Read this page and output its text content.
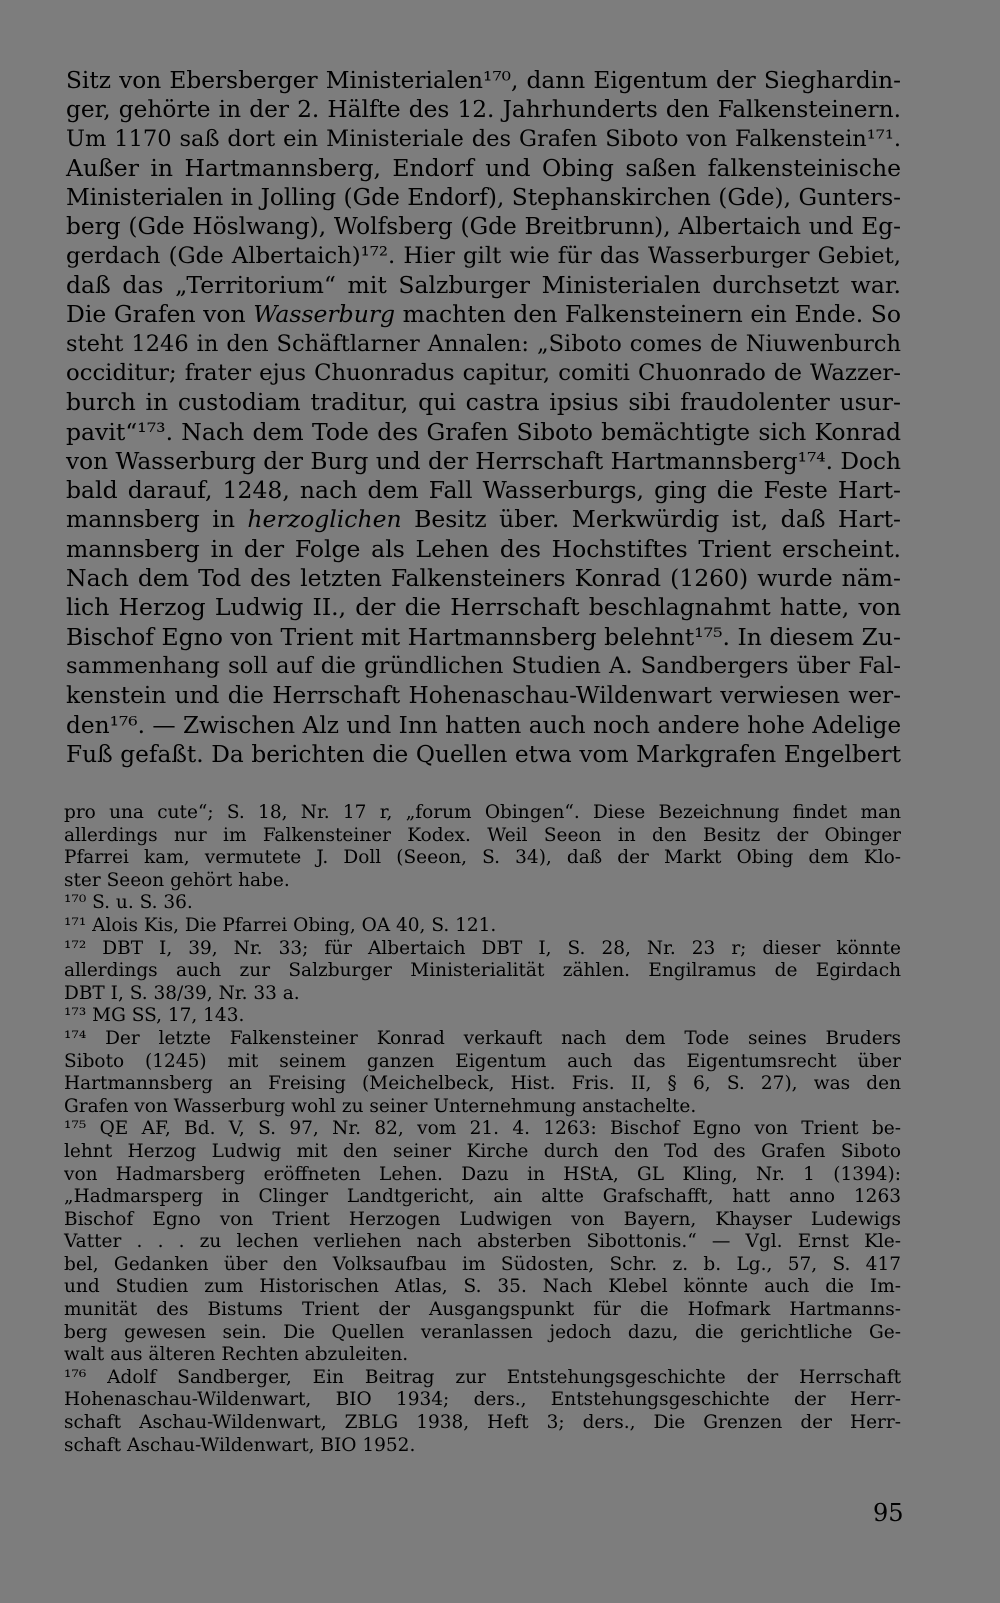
Sitz von Ebersberger Ministerialen¹⁷⁰, dann Eigentum der Sieghardin-
ger, gehörte in der 2. Hälfte des 12. Jahrhunderts den Falkensteinern.
Um 1170 saß dort ein Ministeriale des Grafen Siboto von Falkenstein¹⁷¹.
Außer in Hartmannsberg, Endorf und Obing saßen falkensteinische
Ministerialen in Jolling (Gde Endorf), Stephanskirchen (Gde), Gunters-
berg (Gde Höslwang), Wolfsberg (Gde Breitbrunn), Albertaich und Eg-
gerdach (Gde Albertaich)¹⁷². Hier gilt wie für das Wasserburger Gebiet,
daß das „Territorium“ mit Salzburger Ministerialen durchsetzt war.
Die Grafen von Wasserburg machten den Falkensteinern ein Ende. So
steht 1246 in den Schäftlarner Annalen: „Siboto comes de Niuwenburch
occiditur; frater ejus Chuonradus capitur, comiti Chuonrado de Wazzer-
burch in custodiam traditur, qui castra ipsius sibi fraudolenter usur-
pavit“¹⁷³. Nach dem Tode des Grafen Siboto bemächtigte sich Konrad
von Wasserburg der Burg und der Herrschaft Hartmannsberg¹⁷⁴. Doch
bald darauf, 1248, nach dem Fall Wasserburgs, ging die Feste Hart-
mannsberg in herzoglichen Besitz über. Merkwürdig ist, daß Hart-
mannsberg in der Folge als Lehen des Hochstiftes Trient erscheint.
Nach dem Tod des letzten Falkensteiners Konrad (1260) wurde näm-
lich Herzog Ludwig II., der die Herrschaft beschlagnahmt hatte, von
Bischof Egno von Trient mit Hartmannsberg belehnt¹⁷⁵. In diesem Zu-
sammenhang soll auf die gründlichen Studien A. Sandbergers über Fal-
kenstein und die Herrschaft Hohenaschau-Wildenwart verwiesen wer-
den¹⁷⁶. — Zwischen Alz und Inn hatten auch noch andere hohe Adelige
Fuß gefaßt. Da berichten die Quellen etwa vom Markgrafen Engelbert
pro una cute“; S. 18, Nr. 17 r, „forum Obingen“. Diese Bezeichnung findet man
allerdings nur im Falkensteiner Kodex. Weil Seeon in den Besitz der Obinger
Pfarrei kam, vermutete J. Doll (Seeon, S. 34), daß der Markt Obing dem Klo-
ster Seeon gehört habe.
¹⁷⁰ S. u. S. 36.
¹⁷¹ Alois Kis, Die Pfarrei Obing, OA 40, S. 121.
¹⁷² DBT I, 39, Nr. 33; für Albertaich DBT I, S. 28, Nr. 23 r; dieser könnte
allerdings auch zur Salzburger Ministerialität zählen. Engilramus de Egirdach
DBT I, S. 38/39, Nr. 33 a.
¹⁷³ MG SS, 17, 143.
¹⁷⁴ Der letzte Falkensteiner Konrad verkauft nach dem Tode seines Bruders
Siboto (1245) mit seinem ganzen Eigentum auch das Eigentumsrecht über
Hartmannsberg an Freising (Meichelbeck, Hist. Fris. II, § 6, S. 27), was den
Grafen von Wasserburg wohl zu seiner Unternehmung anstachelte.
¹⁷⁵ QE AF, Bd. V, S. 97, Nr. 82, vom 21. 4. 1263: Bischof Egno von Trient be-
lehnt Herzog Ludwig mit den seiner Kirche durch den Tod des Grafen Siboto
von Hadmarsberg eröffneten Lehen. Dazu in HStA, GL Kling, Nr. 1 (1394):
„Hadmarsperg in Clinger Landtgericht, ain altte Grafschafft, hatt anno 1263
Bischof Egno von Trient Herzogen Ludwigen von Bayern, Khayser Ludewigs
Vatter . . . zu lechen verliehen nach absterben Sibottonis.“ — Vgl. Ernst Kle-
bel, Gedanken über den Volksaufbau im Südosten, Schr. z. b. Lg., 57, S. 417
und Studien zum Historischen Atlas, S. 35. Nach Klebel könnte auch die Im-
munität des Bistums Trient der Ausgangspunkt für die Hofmark Hartmanns-
berg gewesen sein. Die Quellen veranlassen jedoch dazu, die gerichtliche Ge-
walt aus älteren Rechten abzuleiten.
¹⁷⁶ Adolf Sandberger, Ein Beitrag zur Entstehungsgeschichte der Herrschaft
Hohenaschau-Wildenwart, BIO 1934; ders., Entstehungsgeschichte der Herr-
schaft Aschau-Wildenwart, ZBLG 1938, Heft 3; ders., Die Grenzen der Herr-
schaft Aschau-Wildenwart, BIO 1952.
95
